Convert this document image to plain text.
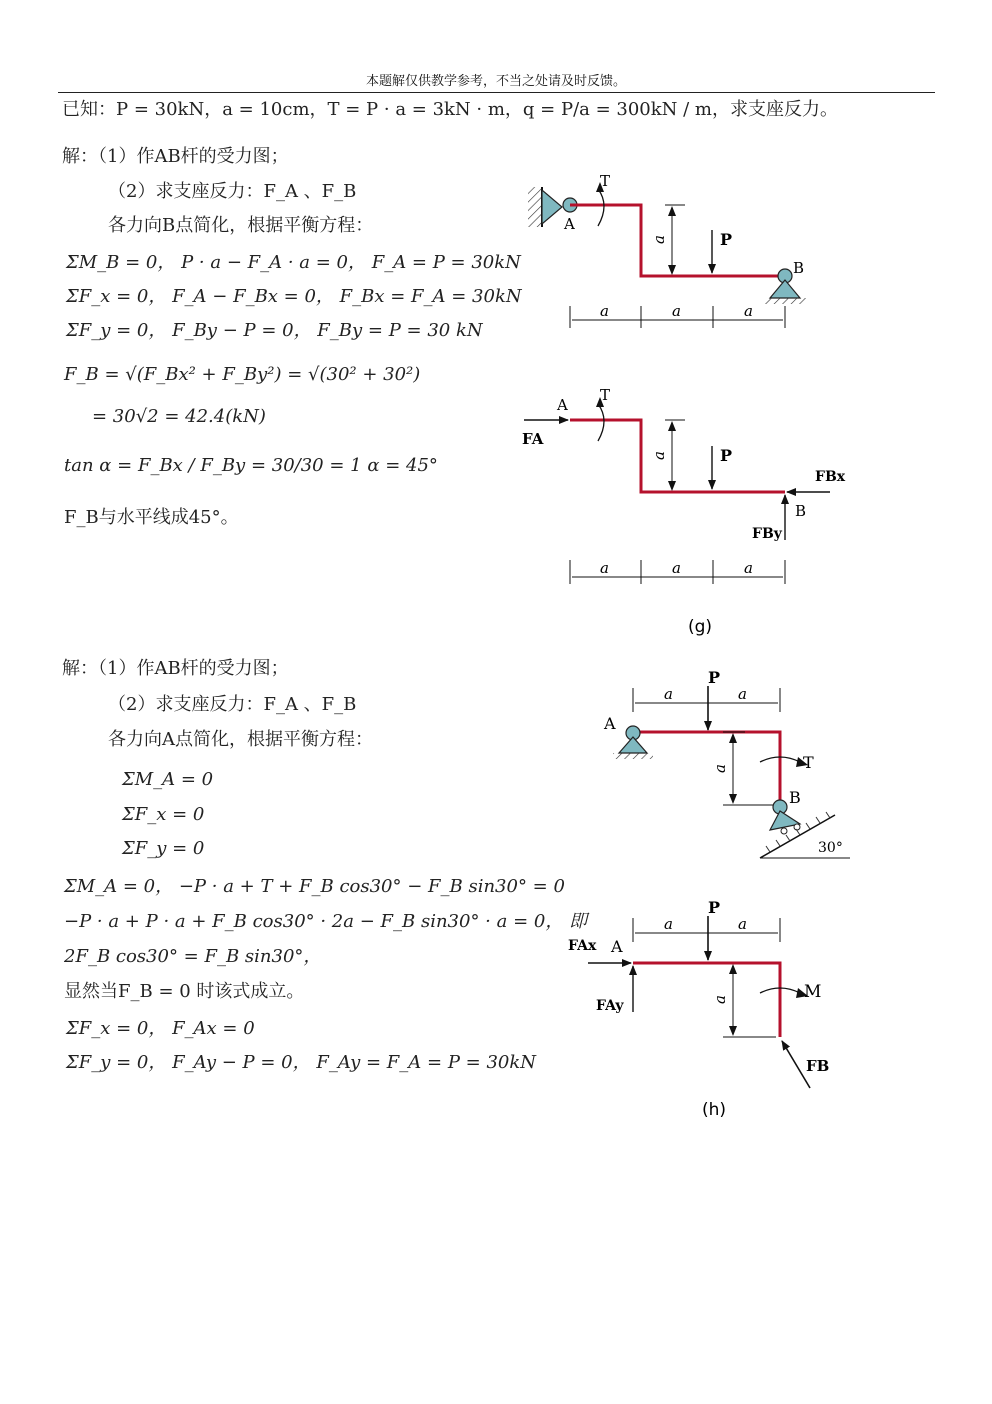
本题解仅供教学参考，不当之处请及时反馈。
已知：P = 30kN，a = 10cm，T = P · a = 3kN · m，q = P/a = 300kN / m，求支座反力。
解：（1）作AB杆的受力图；
（2）求支座反力：F_A 、F_B
各力向B点简化，根据平衡方程：
ΣM_B = 0， P · a − F_A · a = 0， F_A = P = 30kN
ΣF_x = 0， F_A − F_Bx = 0， F_Bx = F_A = 30kN
ΣF_y = 0， F_By − P = 0， F_By = P = 30 kN
F_B = √(F_Bx² + F_By²) = √(30² + 30²)
= 30√2 = 42.4(kN)
tan α = F_Bx / F_By = 30/30 = 1 α = 45°
F_B与水平线成45°。
解：（1）作AB杆的受力图；
（2）求支座反力：F_A 、F_B
各力向A点简化，根据平衡方程：
ΣM_A = 0
ΣF_x = 0
ΣF_y = 0
ΣM_A = 0， −P · a + T + F_B cos30° − F_B sin30° = 0
−P · a + P · a + F_B cos30° · 2a − F_B sin30° · a = 0， 即
2F_B cos30° = F_B sin30°，
显然当F_B = 0 时该式成立。
ΣF_x = 0， F_Ax = 0
ΣF_y = 0， F_Ay − P = 0， F_Ay = F_A = P = 30kN
T
A
a	P
B
a	a	a
A
FA
T
a	P
FBx
B
FBy
a	a	a
(g)
a	a
P
A
a	T
B
30°
a	a
P
FAx A
FAy	a	M
FB
(h)
